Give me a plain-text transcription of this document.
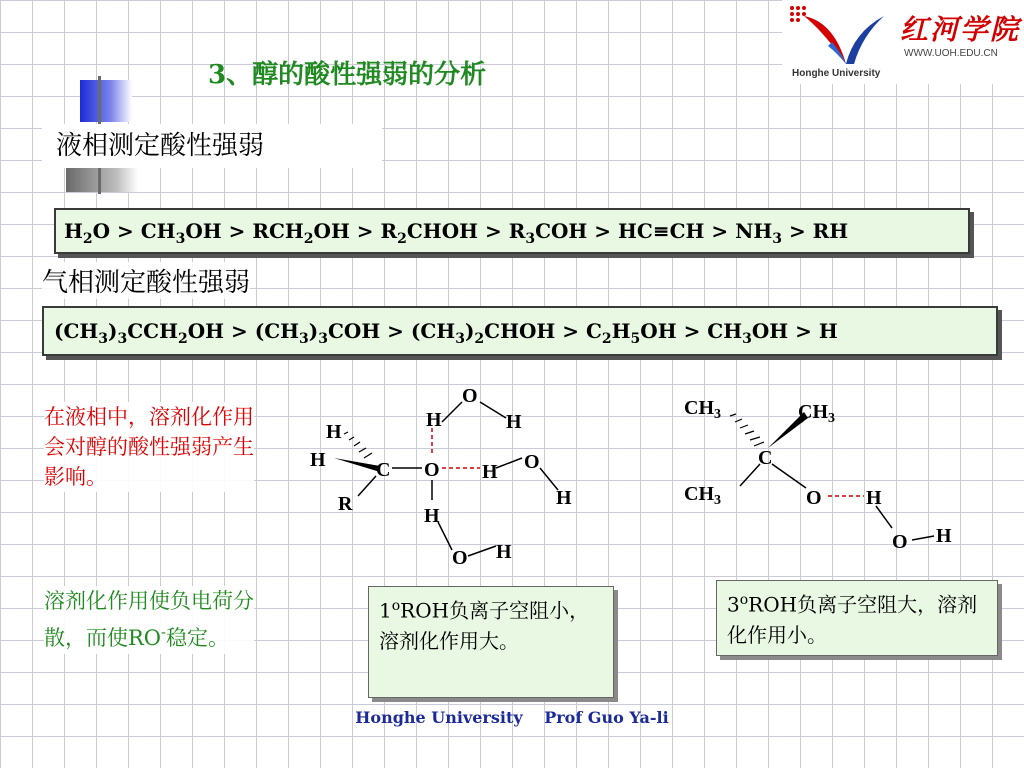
红河学院
WWW.UOH.EDU.CN
Honghe University
3、醇的酸性强弱的分析
液相测定酸性强弱
$H_2O > CH_3OH > RCH_2OH$ > $R_2CHOH > R_3COH > HC\equiv CH > NH_3$ > RH
气相测定酸性强弱
$(CH_3)_3CCH_2OH > (CH_3)_3COH$ > $(CH_3)_2CHOH > C_2H_5OH > CH_3OH > H$
在液相中，溶剂化作用会对醇的酸性强弱产生影响。
溶剂化作用使负电荷分散，而使RO-稳定。
O
H	H
H
H	C O H O
H
R
H
O H
$CH_3$	$CH_3$
C
$CH_3$	O H
O H
1$^o$ROH负离子空阻小，溶剂化作用大。
3$^o$ROH负离子空阻大，溶剂化作用小。
Honghe University Prof Guo Ya-li
